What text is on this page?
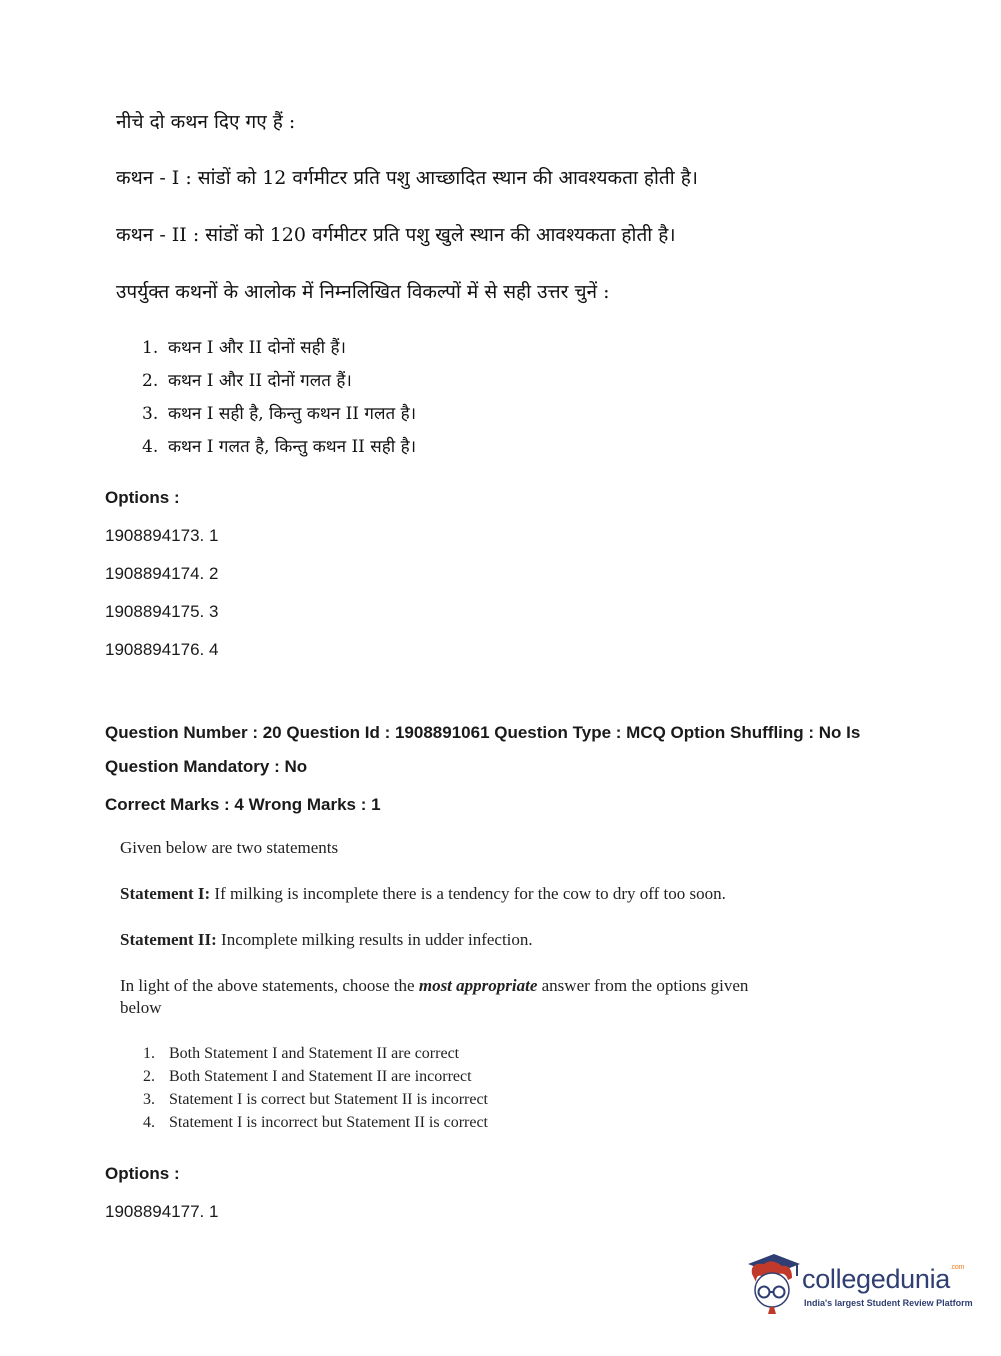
नीचे दो कथन दिए गए हैं :
कथन - I : सांडों को 12 वर्गमीटर प्रति पशु आच्छादित स्थान की आवश्यकता होती है।
कथन - II : सांडों को 120 वर्गमीटर प्रति पशु खुले स्थान की आवश्यकता होती है।
उपर्युक्त कथनों के आलोक में निम्नलिखित विकल्पों में से सही उत्तर चुनें :
1. कथन I और II दोनों सही हैं।
2. कथन I और II दोनों गलत हैं।
3. कथन I सही है, किन्तु कथन II गलत है।
4. कथन I गलत है, किन्तु कथन II सही है।
Options :
1908894173. 1
1908894174. 2
1908894175. 3
1908894176. 4
Question Number : 20 Question Id : 1908891061 Question Type : MCQ Option Shuffling : No Is
Question Mandatory : No
Correct Marks : 4 Wrong Marks : 1
Given below are two statements
Statement I: If milking is incomplete there is a tendency for the cow to dry off too soon.
Statement II: Incomplete milking results in udder infection.
In light of the above statements, choose the most appropriate answer from the options given
below
1. Both Statement I and Statement II are correct
2. Both Statement I and Statement II are incorrect
3. Statement I is correct but Statement II is incorrect
4. Statement I is incorrect but Statement II is correct
Options :
1908894177. 1
collegedunia$^{.com}$
India's largest Student Review Platform
